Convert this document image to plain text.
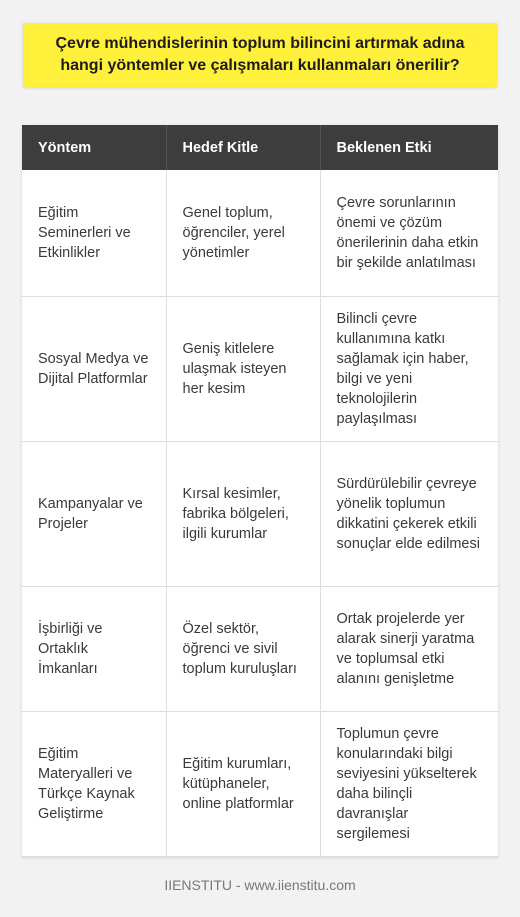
Çevre mühendislerinin toplum bilincini artırmak adına hangi yöntemler ve çalışmaları kullanmaları önerilir?
Yöntem	Hedef Kitle	Beklenen Etki
Eğitim Seminerleri ve Etkinlikler	Genel toplum, öğrenciler, yerel yönetimler	Çevre sorunlarının önemi ve çözüm önerilerinin daha etkin bir şekilde anlatılması
Sosyal Medya ve Dijital Platformlar	Geniş kitlelere ulaşmak isteyen her kesim	Bilincli çevre kullanımına katkı sağlamak için haber, bilgi ve yeni teknolojilerin paylaşılması
Kampanyalar ve Projeler	Kırsal kesimler, fabrika bölgeleri, ilgili kurumlar	Sürdürülebilir çevreye yönelik toplumun dikkatini çekerek etkili sonuçlar elde edilmesi
İşbirliği ve Ortaklık İmkanları	Özel sektör, öğrenci ve sivil toplum kuruluşları	Ortak projelerde yer alarak sinerji yaratma ve toplumsal etki alanını genişletme
Eğitim Materyalleri ve Türkçe Kaynak Geliştirme	Eğitim kurumları, kütüphaneler, online platformlar	Toplumun çevre konularındaki bilgi seviyesini yükselterek daha bilinçli davranışlar sergilemesi
IIENSTITU - www.iienstitu.com
